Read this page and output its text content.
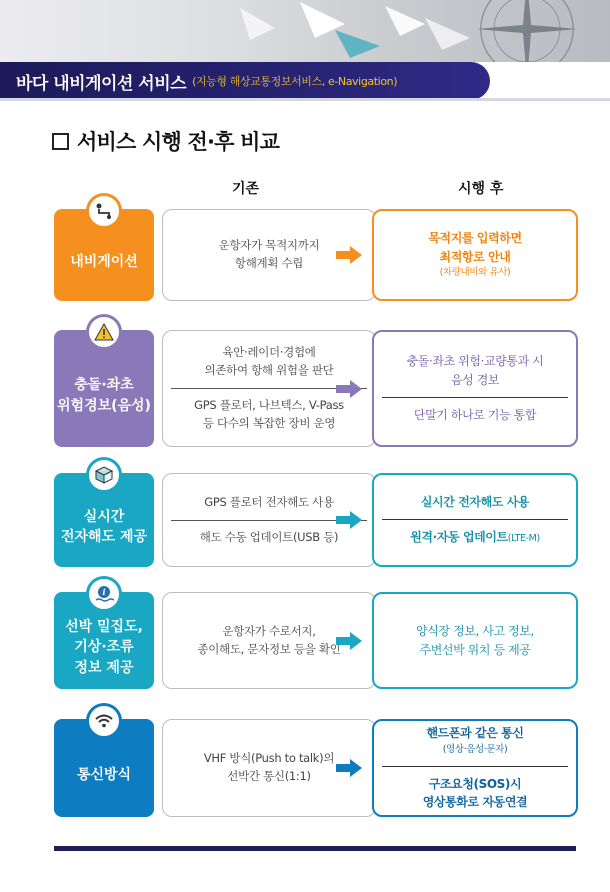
바다 내비게이션 서비스 (지능형 해상교통정보서비스, e-Navigation)
서비스 시행 전·후 비교
기존	시행 후
내비게이션
운항자가 목적지까지
항해계획 수립
목적지를 입력하면
최적항로 안내
(차량내비와 유사)
충돌·좌초
위험경보(음성)
육안·레이더·경험에
의존하여 항해 위험을 판단
GPS 플로터, 나브텍스, V-Pass
등 다수의 복잡한 장비 운영
충돌·좌초 위험·교량통과 시
음성 경보
단말기 하나로 기능 통합
실시간
전자해도 제공
GPS 플로터 전자해도 사용
해도 수동 업데이트(USB 등)
실시간 전자해도 사용
원격·자동 업데이트(LTE-M)
i
선박 밀집도,
기상·조류
정보 제공
운항자가 수로서지,
종이해도, 문자정보 등을 확인
양식장 정보, 사고 정보,
주변선박 위치 등 제공
통신방식
VHF 방식(Push to talk)의
선박간 통신(1:1)
핸드폰과 같은 통신
(영상·음성·문자)
구조요청(SOS)시
영상통화로 자동연결
